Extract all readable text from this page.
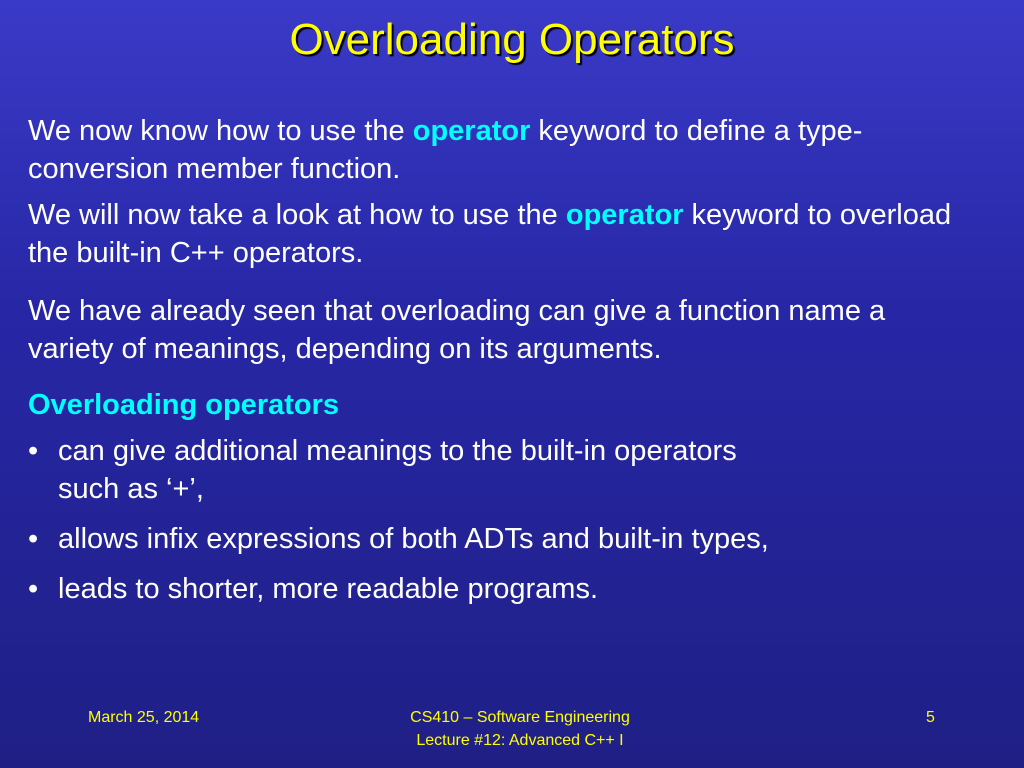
Overloading Operators

We now know how to use the operator keyword to define a type-conversion member function.

We will now take a look at how to use the operator keyword to overload the built-in C++ operators.

We have already seen that overloading can give a function name a variety of meanings, depending on its arguments.

Overloading operators

• can give additional meanings to the built-in operators such as ‘+’,
• allows infix expressions of both ADTs and built-in types,
• leads to shorter, more readable programs.
March 25, 2014	CS410 – Software Engineering
Lecture #12: Advanced C++ I
5
